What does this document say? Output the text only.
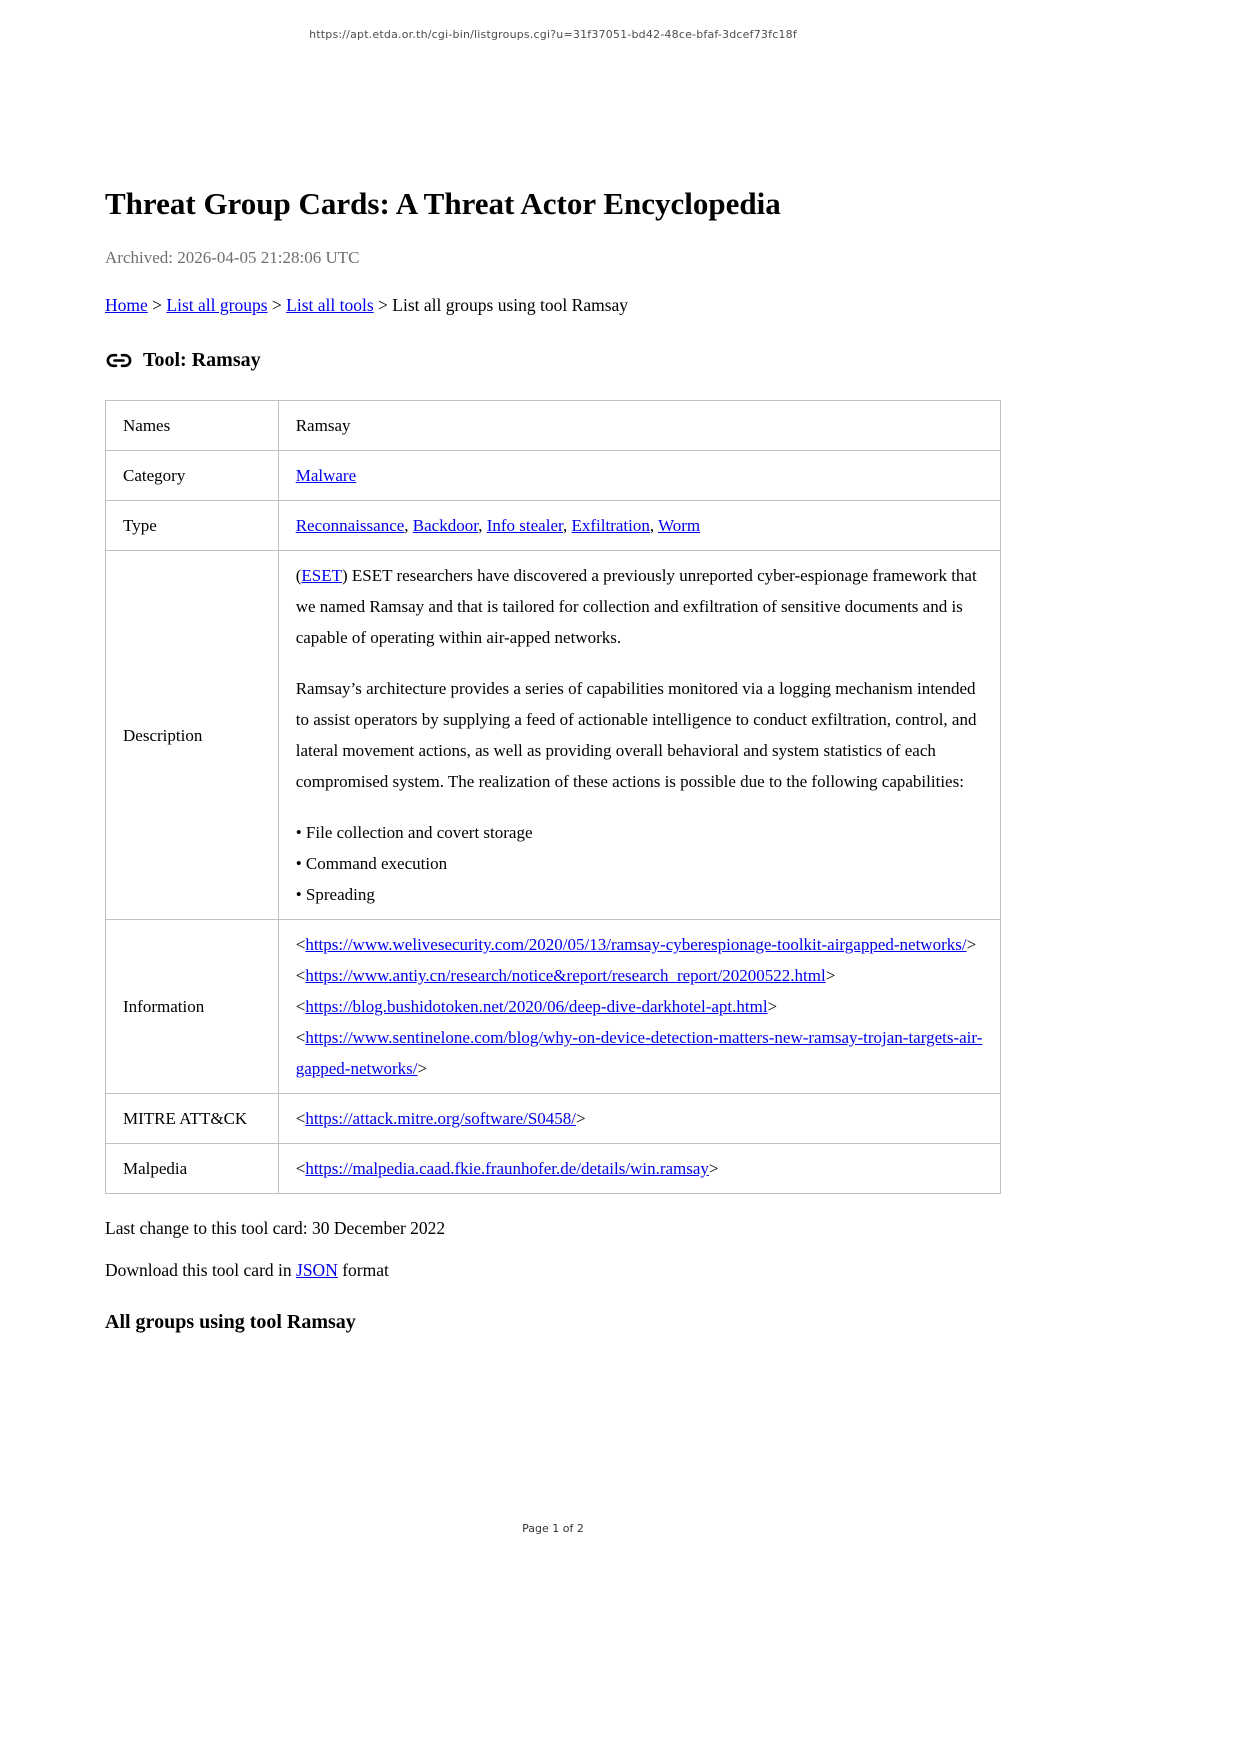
https://apt.etda.or.th/cgi-bin/listgroups.cgi?u=31f37051-bd42-48ce-bfaf-3dcef73fc18f
Threat Group Cards: A Threat Actor Encyclopedia

Archived: 2026-04-05 21:28:06 UTC

Home > List all groups > List all tools > List all groups using tool Ramsay

Tool: Ramsay
Names	Ramsay
Category	Malware
Type	Reconnaissance, Backdoor, Info stealer, Exfiltration, Worm
Description	(ESET) ESET researchers have discovered a previously unreported cyber-espionage framework that we named Ramsay and that is tailored for collection and exfiltration of sensitive documents and is capable of operating within air-apped networks.

Ramsay’s architecture provides a series of capabilities monitored via a logging mechanism intended to assist operators by supplying a feed of actionable intelligence to conduct exfiltration, control, and lateral movement actions, as well as providing overall behavioral and system statistics of each compromised system. The realization of these actions is possible due to the following capabilities:

• File collection and covert storage

• Command execution

• Spreading

Information	<https://www.welivesecurity.com/2020/05/13/ramsay-cyberespionage-toolkit-airgapped-networks/>
<https://www.antiy.cn/research/notice&report/research_report/20200522.html>
<https://blog.bushidotoken.net/2020/06/deep-dive-darkhotel-apt.html>
<https://www.sentinelone.com/blog/why-on-device-detection-matters-new-ramsay-trojan-targets-air-gapped-networks/>

MITRE ATT&CK	<https://attack.mitre.org/software/S0458/>
Malpedia	<https://malpedia.caad.fkie.fraunhofer.de/details/win.ramsay>

Last change to this tool card: 30 December 2022

Download this tool card in JSON format

All groups using tool Ramsay
Page 1 of 2
